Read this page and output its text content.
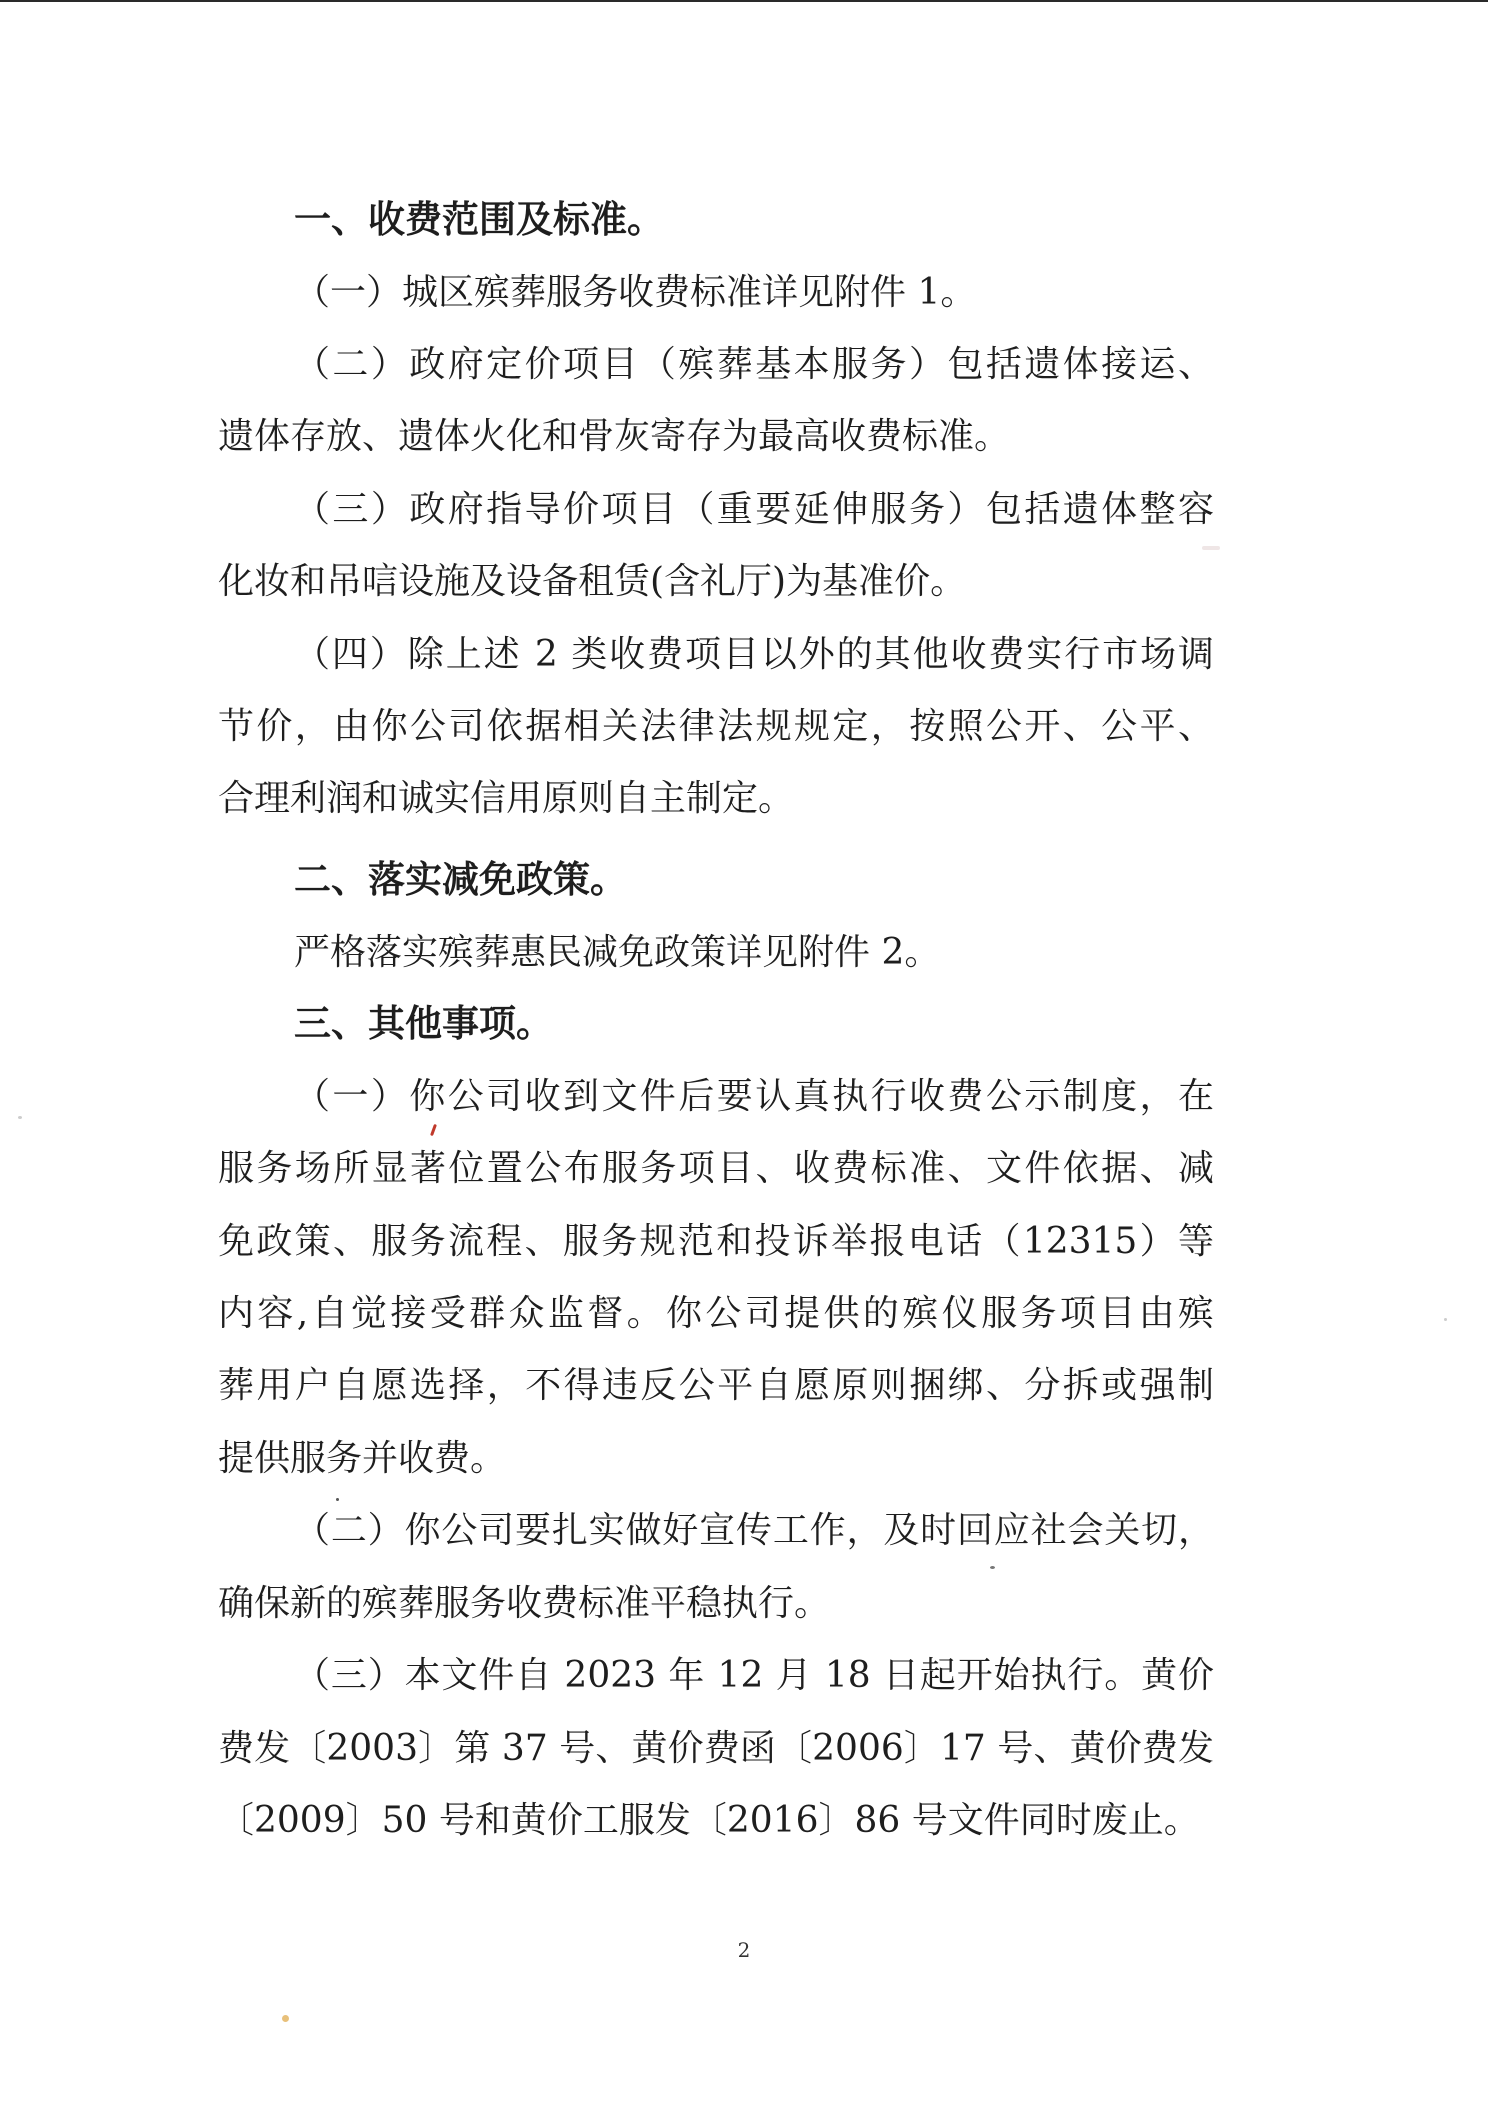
一、收费范围及标准。

（一）城区殡葬服务收费标准详见附件 1。

（二）政府定价项目（殡葬基本服务）包括遗体接运、

遗体存放、遗体火化和骨灰寄存为最高收费标准。

（三）政府指导价项目（重要延伸服务）包括遗体整容

化妆和吊唁设施及设备租赁(含礼厅)为基准价。

（四）除上述 2 类收费项目以外的其他收费实行市场调

节价，由你公司依据相关法律法规规定，按照公开、公平、

合理利润和诚实信用原则自主制定。

二、落实减免政策。

严格落实殡葬惠民减免政策详见附件 2。

三、其他事项。

（一）你公司收到文件后要认真执行收费公示制度，在

服务场所显著位置公布服务项目、收费标准、文件依据、减

免政策、服务流程、服务规范和投诉举报电话（12315）等

内容,自觉接受群众监督。你公司提供的殡仪服务项目由殡

葬用户自愿选择，不得违反公平自愿原则捆绑、分拆或强制

提供服务并收费。

（二）你公司要扎实做好宣传工作，及时回应社会关切，

确保新的殡葬服务收费标准平稳执行。

（三）本文件自 2023 年 12 月 18 日起开始执行。黄价

费发〔2003〕第 37 号、黄价费函〔2006〕17 号、黄价费发

〔2009〕50 号和黄价工服发〔2016〕86 号文件同时废止。

2
